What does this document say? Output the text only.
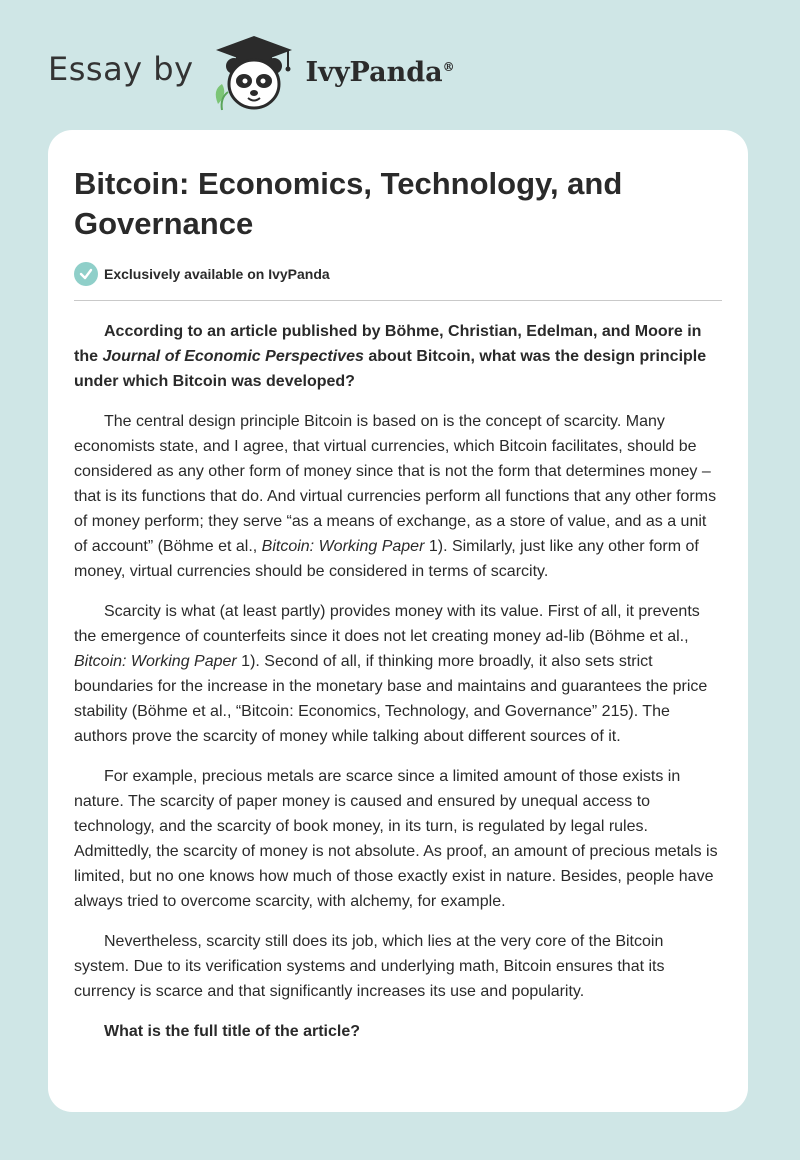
Essay by	IvyPanda®
Bitcoin: Economics, Technology, and Governance
Exclusively available on IvyPanda

According to an article published by Böhme, Christian, Edelman, and Moore in the Journal of Economic Perspectives about Bitcoin, what was the design principle under which Bitcoin was developed?

The central design principle Bitcoin is based on is the concept of scarcity. Many economists state, and I agree, that virtual currencies, which Bitcoin facilitates, should be considered as any other form of money since that is not the form that determines money – that is its functions that do. And virtual currencies perform all functions that any other forms of money perform; they serve “as a means of exchange, as a store of value, and as a unit of account” (Böhme et al., Bitcoin: Working Paper 1). Similarly, just like any other form of money, virtual currencies should be considered in terms of scarcity.

Scarcity is what (at least partly) provides money with its value. First of all, it prevents the emergence of counterfeits since it does not let creating money ad-lib (Böhme et al., Bitcoin: Working Paper 1). Second of all, if thinking more broadly, it also sets strict boundaries for the increase in the monetary base and maintains and guarantees the price stability (Böhme et al., “Bitcoin: Economics, Technology, and Governance” 215). The authors prove the scarcity of money while talking about different sources of it.

For example, precious metals are scarce since a limited amount of those exists in nature. The scarcity of paper money is caused and ensured by unequal access to technology, and the scarcity of book money, in its turn, is regulated by legal rules. Admittedly, the scarcity of money is not absolute. As proof, an amount of precious metals is limited, but no one knows how much of those exactly exist in nature. Besides, people have always tried to overcome scarcity, with alchemy, for example.

Nevertheless, scarcity still does its job, which lies at the very core of the Bitcoin system. Due to its verification systems and underlying math, Bitcoin ensures that its currency is scarce and that significantly increases its use and popularity.

What is the full title of the article?
